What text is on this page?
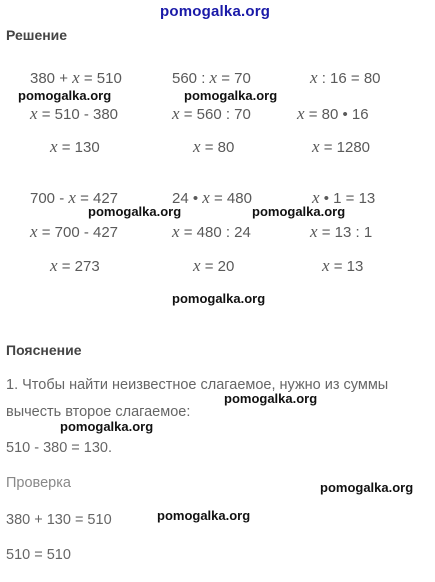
pomogalka.org
Решение
380 + x = 510
x = 510 - 380
x = 130
560 : x = 70
x = 560 : 70
x = 80
x : 16 = 80
x = 80 • 16
x = 1280
700 - x = 427
x = 700 - 427
x = 273
24 • x = 480
x = 480 : 24
x = 20
x • 1 = 13
x = 13 : 1
x = 13
pomogalka.org	pomogalka.org
pomogalka.org	pomogalka.org
pomogalka.org
pomogalka.org
pomogalka.org
pomogalka.org
pomogalka.org
Пояснение
1. Чтобы найти неизвестное слагаемое, нужно из суммы
вычесть второе слагаемое:
510 - 380 = 130.
Проверка
380 + 130 = 510
510 = 510
